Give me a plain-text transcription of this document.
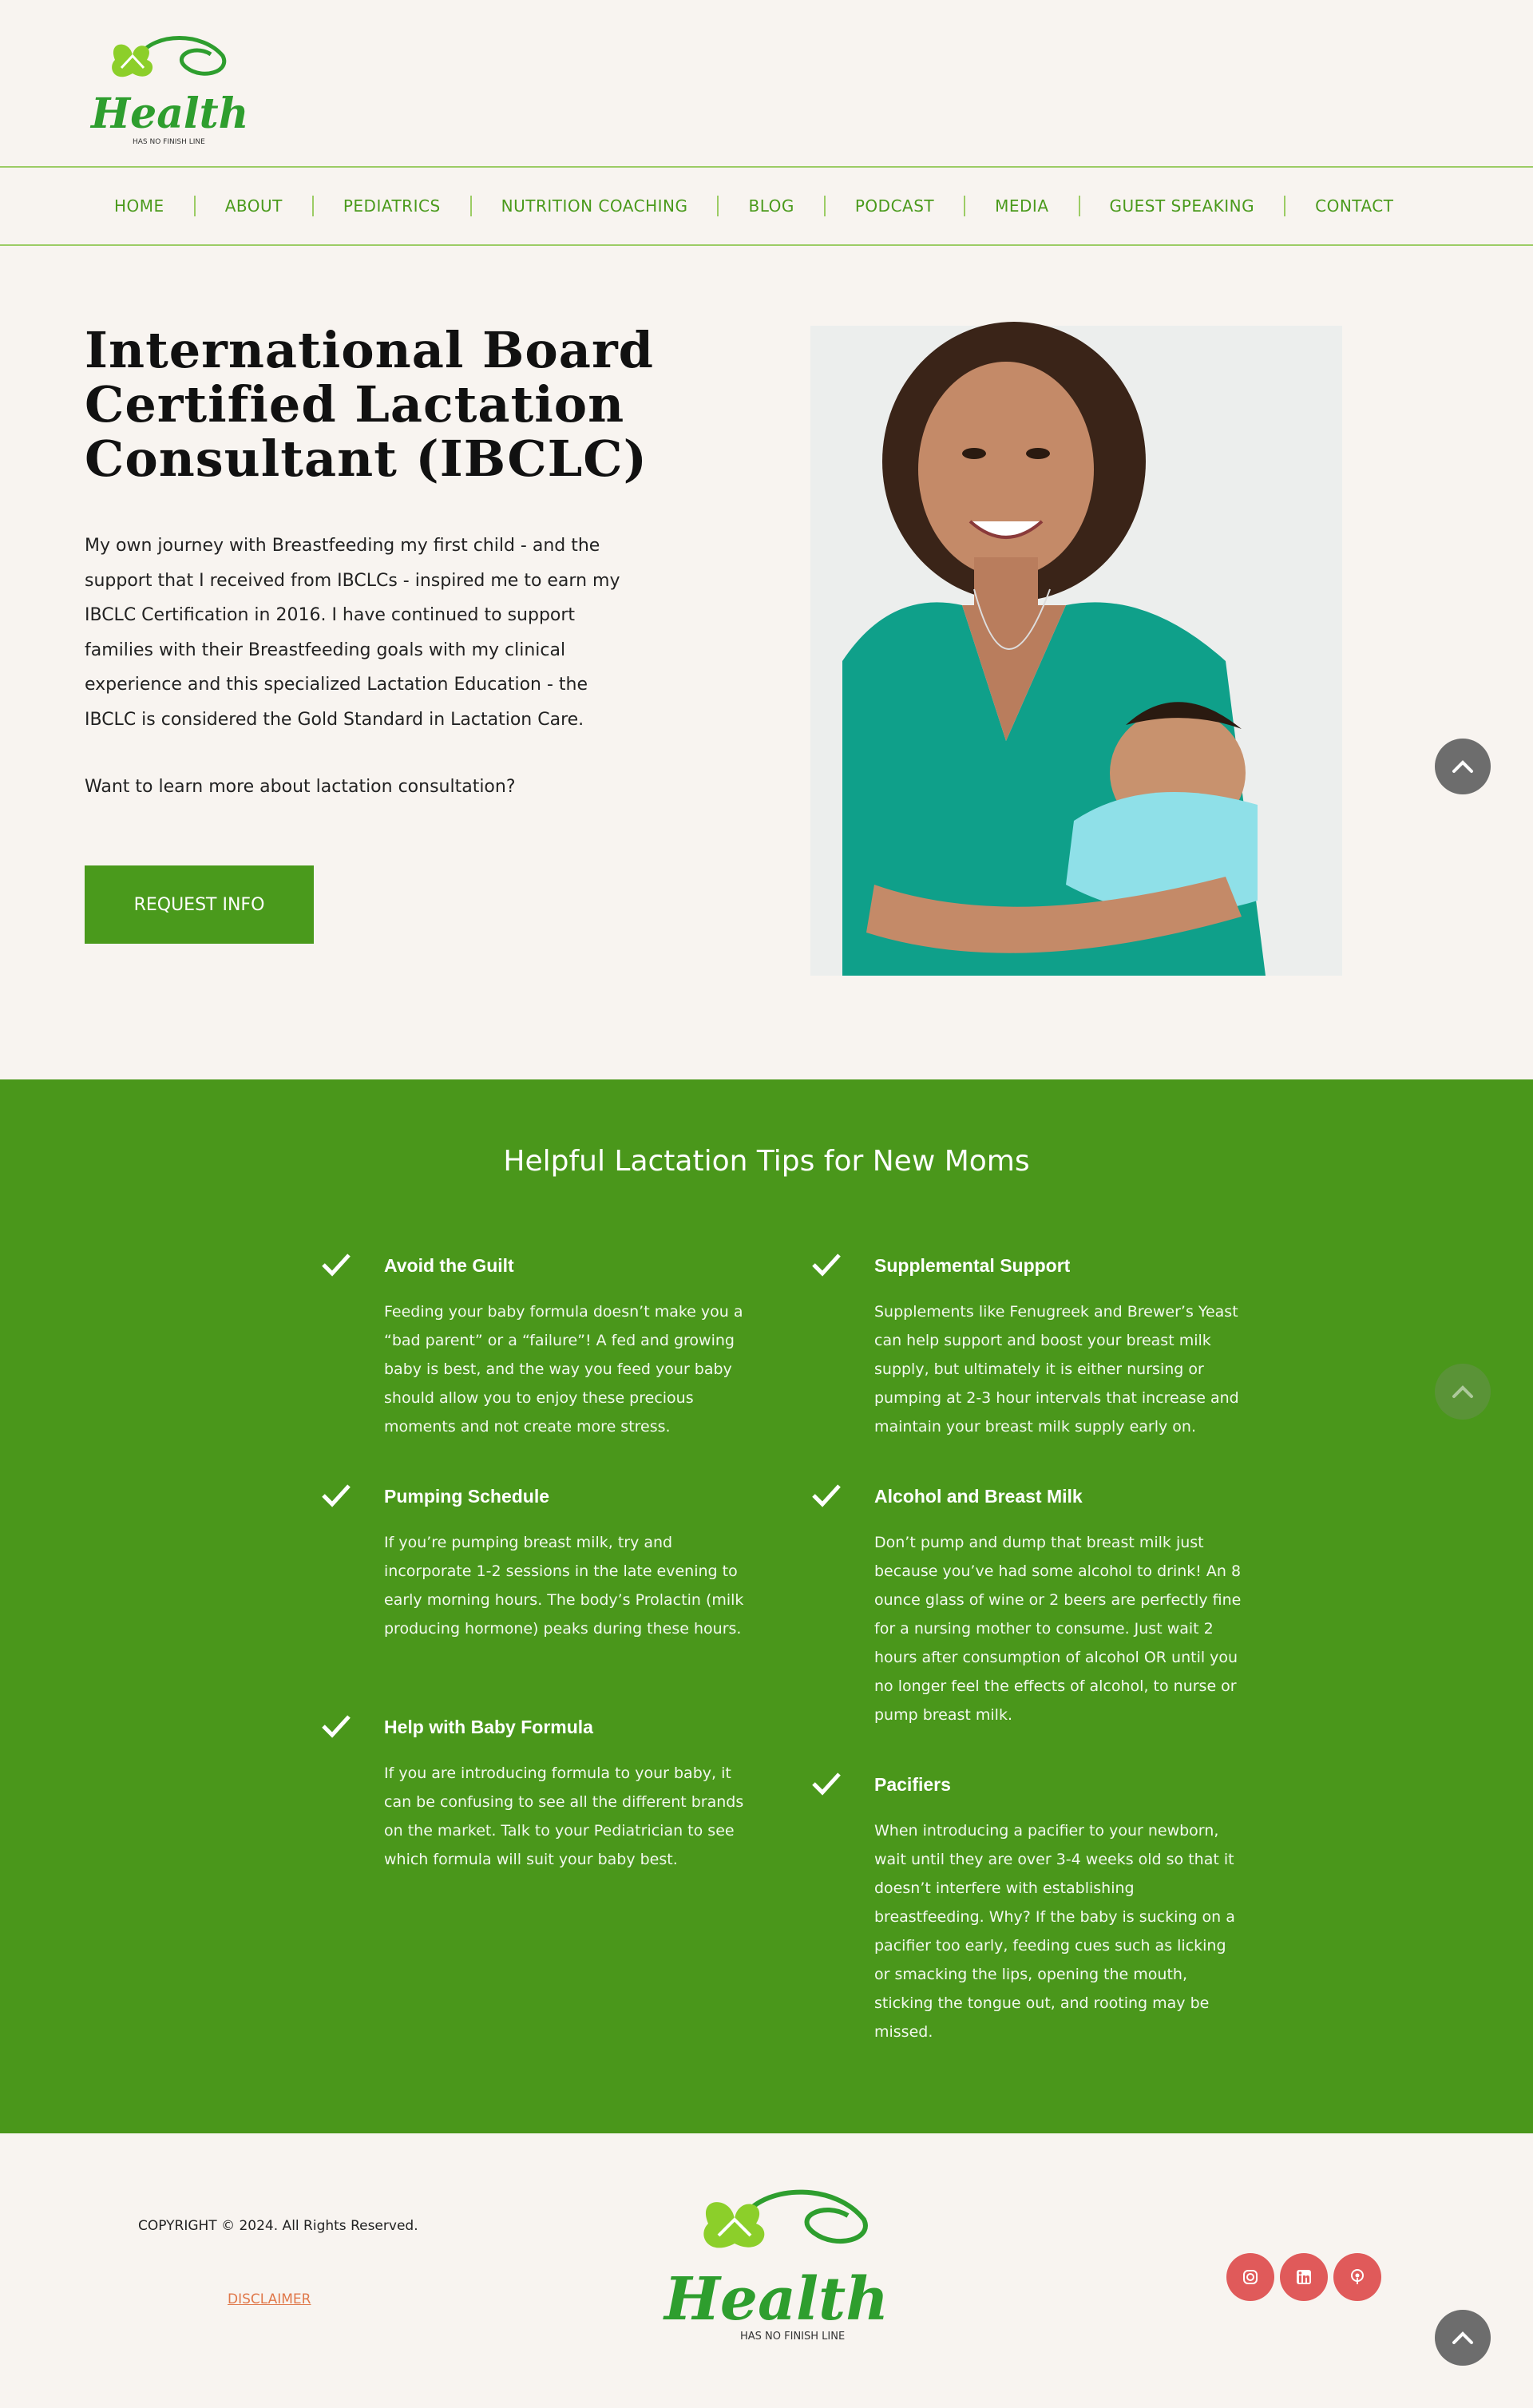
Health
HAS NO FINISH LINE
HOME	ABOUT	PEDIATRICS	NUTRITION COACHING	BLOG	PODCAST	MEDIA	GUEST SPEAKING	CONTACT
International Board Certified Lactation Consultant (IBCLC)

My own journey with Breastfeeding my first child - and the support that I received from IBCLCs - inspired me to earn my IBCLC Certification in 2016. I have continued to support families with their Breastfeeding goals with my clinical experience and this specialized Lactation Education - the IBCLC is considered the Gold Standard in Lactation Care.

Want to learn more about lactation consultation?

REQUEST INFO
Helpful Lactation Tips for New Moms
Avoid the Guilt

Feeding your baby formula doesn’t make you a “bad parent” or a “failure”! A fed and growing baby is best, and the way you feed your baby should allow you to enjoy these precious moments and not create more stress.

Pumping Schedule

If you’re pumping breast milk, try and incorporate 1-2 sessions in the late evening to early morning hours. The body’s Prolactin (milk producing hormone) peaks during these hours.

Help with Baby Formula

If you are introducing formula to your baby, it can be confusing to see all the different brands on the market. Talk to your Pediatrician to see which formula will suit your baby best.

Supplemental Support

Supplements like Fenugreek and Brewer’s Yeast can help support and boost your breast milk supply, but ultimately it is either nursing or pumping at 2-3 hour intervals that increase and maintain your breast milk supply early on.

Alcohol and Breast Milk

Don’t pump and dump that breast milk just because you’ve had some alcohol to drink! An 8 ounce glass of wine or 2 beers are perfectly fine for a nursing mother to consume. Just wait 2 hours after consumption of alcohol OR until you no longer feel the effects of alcohol, to nurse or pump breast milk.

Pacifiers

When introducing a pacifier to your newborn, wait until they are over 3-4 weeks old so that it doesn’t interfere with establishing breastfeeding. Why? If the baby is sucking on a pacifier too early, feeding cues such as licking or smacking the lips, opening the mouth, sticking the tongue out, and rooting may be missed.

COPYRIGHT © 2024. All Rights Reserved.
DISCLAIMER	Health
HAS NO FINISH LINE
